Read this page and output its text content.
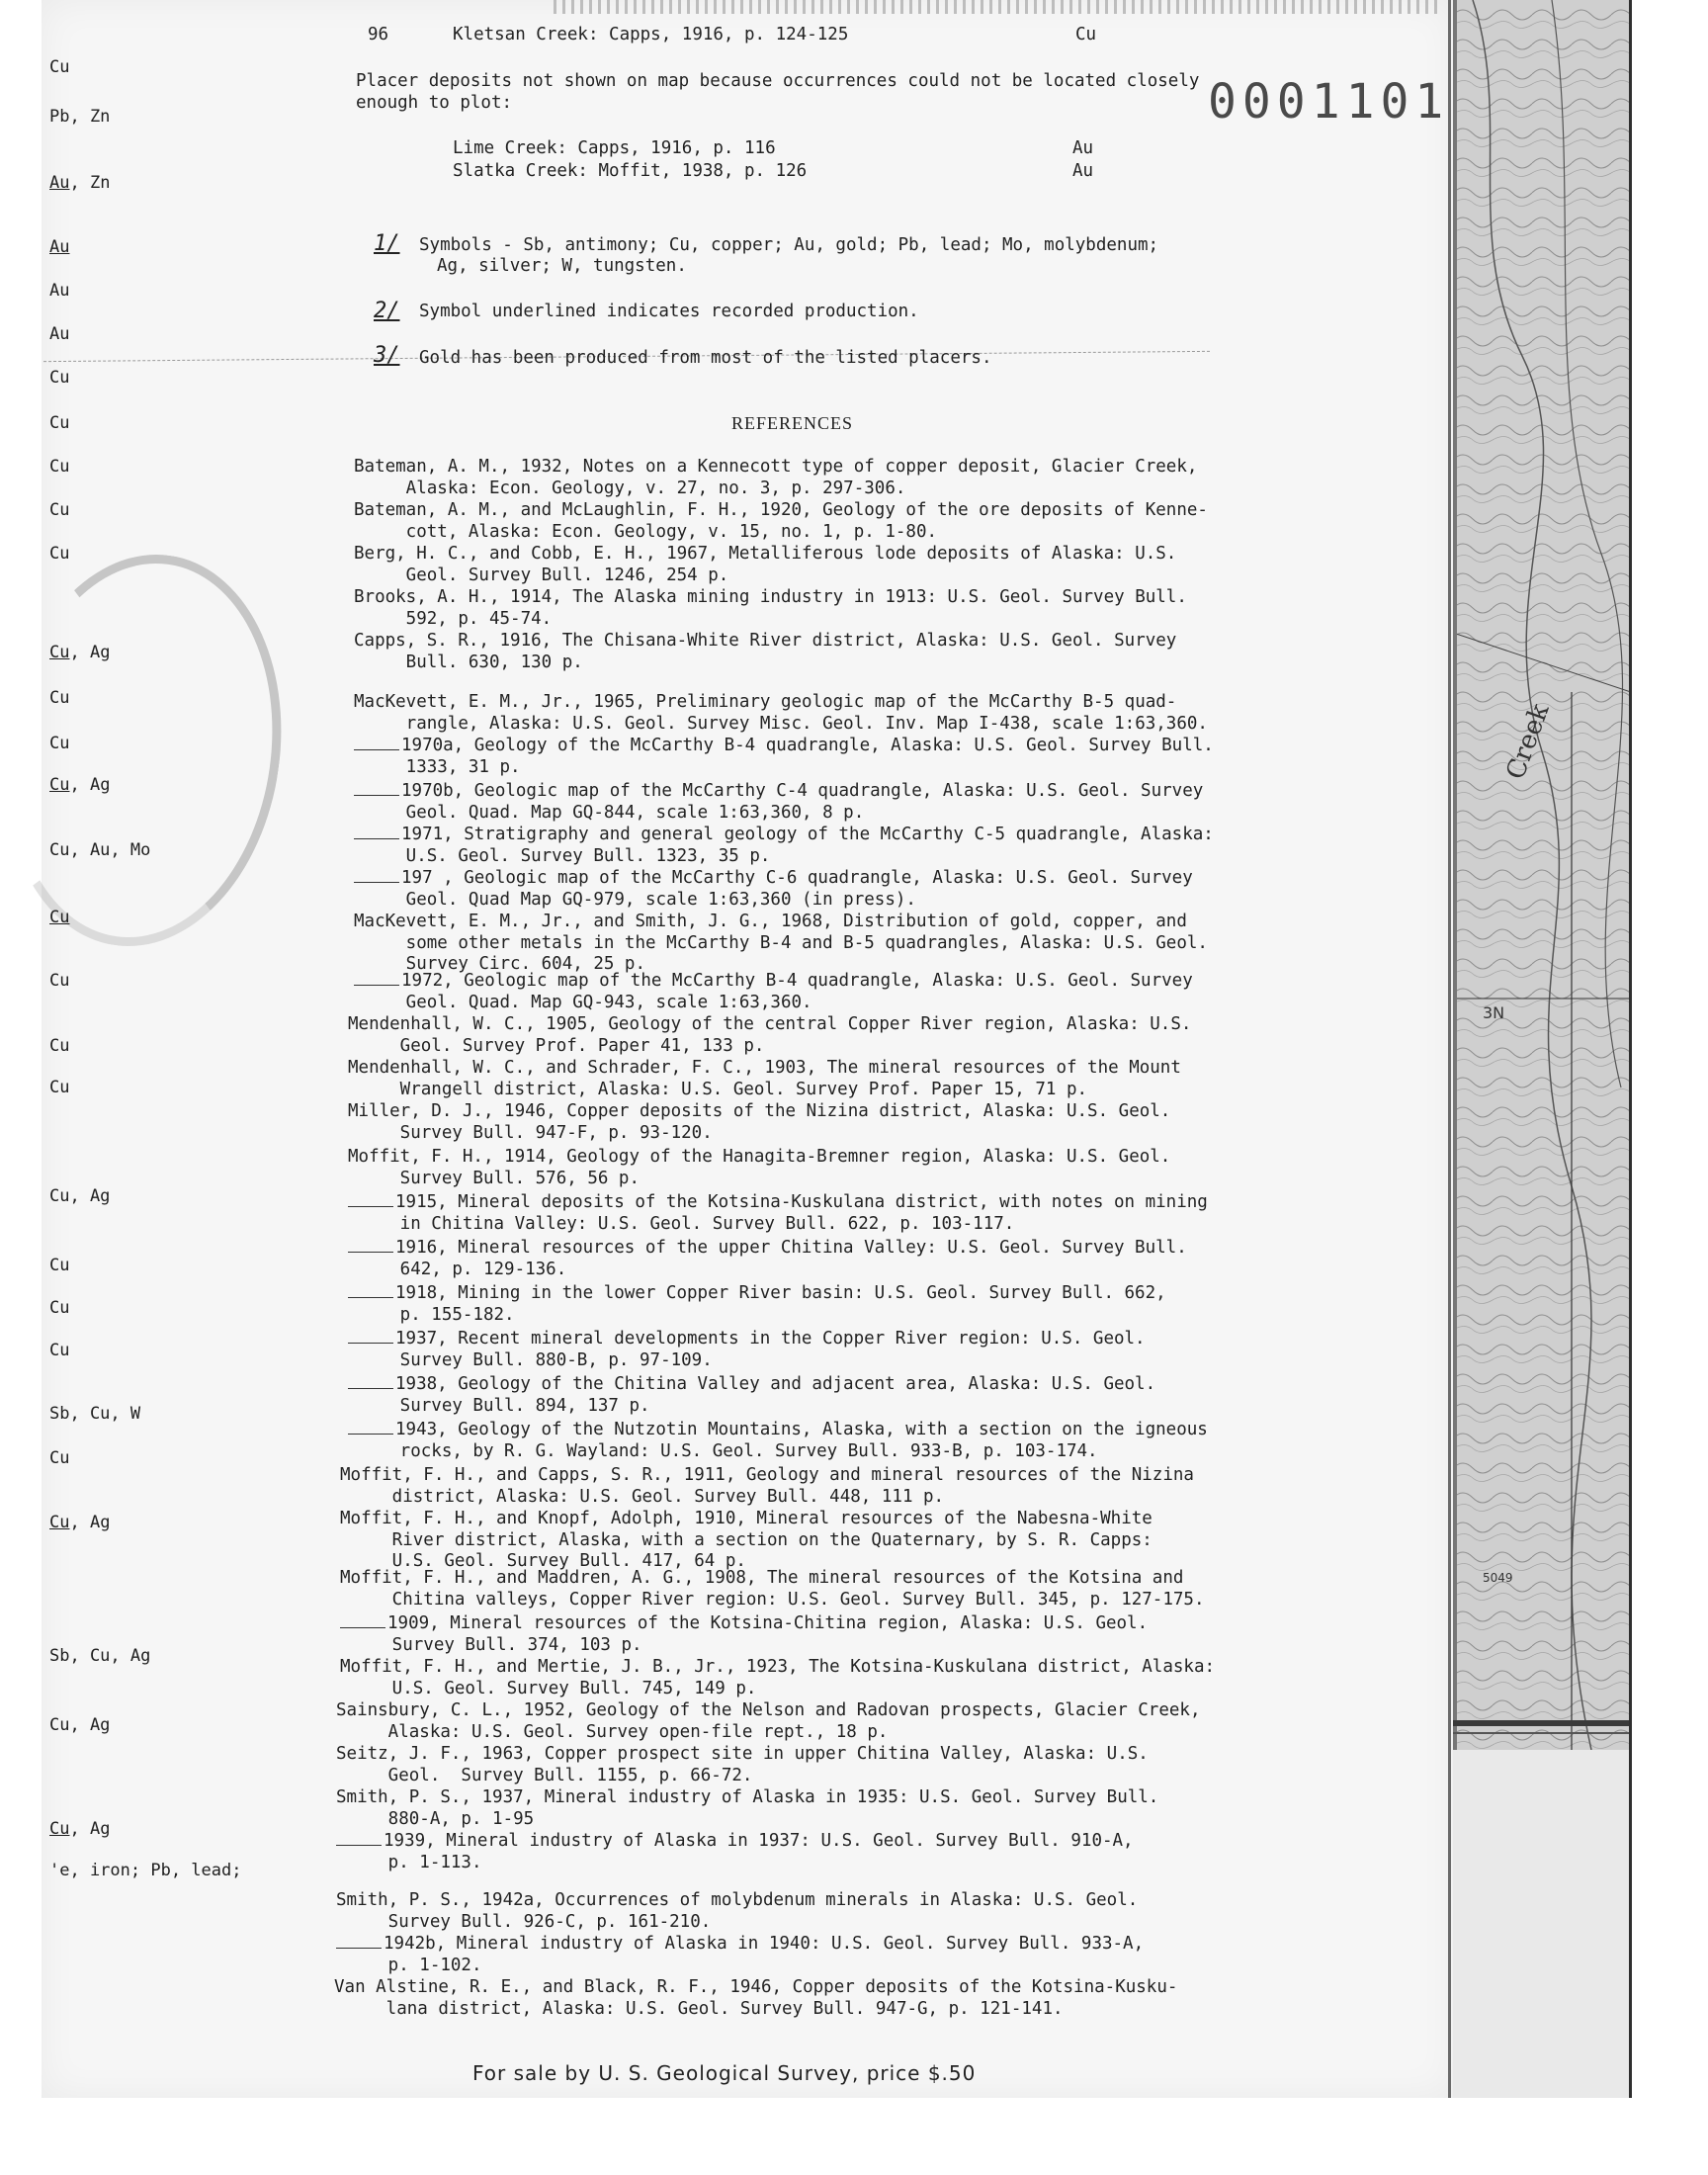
Creek
3N
5049
0001101
96	Kletsan Creek: Capps, 1916, p. 124-125	Cu
Cu
Pb, Zn
Au, Zn
Au
Au
Au
Cu
Cu
Cu
Cu
Cu
Cu, Ag
Cu
Cu
Cu, Ag
Cu, Au, Mo
Cu
Cu
Cu
Cu
Cu, Ag
Cu
Cu
Cu
Sb, Cu, W
Cu
Cu, Ag
Sb, Cu, Ag
Cu, Ag
Cu, Ag
'e, iron; Pb, lead;
Placer deposits not shown on map because occurrences could not be located closely
enough to plot:
Lime Creek: Capps, 1916, p. 116	Au
Slatka Creek: Moffit, 1938, p. 126	Au
1/ Symbols - Sb, antimony; Cu, copper; Au, gold; Pb, lead; Mo, molybdenum;
Ag, silver; W, tungsten.
2/ Symbol underlined indicates recorded production.
3/ Gold has been produced from most of the listed placers.
REFERENCES
Bateman, A. M., 1932, Notes on a Kennecott type of copper deposit, Glacier Creek,
Alaska: Econ. Geology, v. 27, no. 3, p. 297-306.
Bateman, A. M., and McLaughlin, F. H., 1920, Geology of the ore deposits of Kenne-
cott, Alaska: Econ. Geology, v. 15, no. 1, p. 1-80.
Berg, H. C., and Cobb, E. H., 1967, Metalliferous lode deposits of Alaska: U.S.
Geol. Survey Bull. 1246, 254 p.
Brooks, A. H., 1914, The Alaska mining industry in 1913: U.S. Geol. Survey Bull.
592, p. 45-74.
Capps, S. R., 1916, The Chisana-White River district, Alaska: U.S. Geol. Survey
Bull. 630, 130 p.
MacKevett, E. M., Jr., 1965, Preliminary geologic map of the McCarthy B-5 quad-
rangle, Alaska: U.S. Geol. Survey Misc. Geol. Inv. Map I-438, scale 1:63,360.
1970a, Geology of the McCarthy B-4 quadrangle, Alaska: U.S. Geol. Survey Bull.
1333, 31 p.
1970b, Geologic map of the McCarthy C-4 quadrangle, Alaska: U.S. Geol. Survey
Geol. Quad. Map GQ-844, scale 1:63,360, 8 p.
1971, Stratigraphy and general geology of the McCarthy C-5 quadrangle, Alaska:
U.S. Geol. Survey Bull. 1323, 35 p.
197 , Geologic map of the McCarthy C-6 quadrangle, Alaska: U.S. Geol. Survey
Geol. Quad Map GQ-979, scale 1:63,360 (in press).
MacKevett, E. M., Jr., and Smith, J. G., 1968, Distribution of gold, copper, and
some other metals in the McCarthy B-4 and B-5 quadrangles, Alaska: U.S. Geol.
Survey Circ. 604, 25 p.
1972, Geologic map of the McCarthy B-4 quadrangle, Alaska: U.S. Geol. Survey
Geol. Quad. Map GQ-943, scale 1:63,360.
Mendenhall, W. C., 1905, Geology of the central Copper River region, Alaska: U.S.
Geol. Survey Prof. Paper 41, 133 p.
Mendenhall, W. C., and Schrader, F. C., 1903, The mineral resources of the Mount
Wrangell district, Alaska: U.S. Geol. Survey Prof. Paper 15, 71 p.
Miller, D. J., 1946, Copper deposits of the Nizina district, Alaska: U.S. Geol.
Survey Bull. 947-F, p. 93-120.
Moffit, F. H., 1914, Geology of the Hanagita-Bremner region, Alaska: U.S. Geol.
Survey Bull. 576, 56 p.
1915, Mineral deposits of the Kotsina-Kuskulana district, with notes on mining
in Chitina Valley: U.S. Geol. Survey Bull. 622, p. 103-117.
1916, Mineral resources of the upper Chitina Valley: U.S. Geol. Survey Bull.
642, p. 129-136.
1918, Mining in the lower Copper River basin: U.S. Geol. Survey Bull. 662,
p. 155-182.
1937, Recent mineral developments in the Copper River region: U.S. Geol.
Survey Bull. 880-B, p. 97-109.
1938, Geology of the Chitina Valley and adjacent area, Alaska: U.S. Geol.
Survey Bull. 894, 137 p.
1943, Geology of the Nutzotin Mountains, Alaska, with a section on the igneous
rocks, by R. G. Wayland: U.S. Geol. Survey Bull. 933-B, p. 103-174.
Moffit, F. H., and Capps, S. R., 1911, Geology and mineral resources of the Nizina
district, Alaska: U.S. Geol. Survey Bull. 448, 111 p.
Moffit, F. H., and Knopf, Adolph, 1910, Mineral resources of the Nabesna-White
River district, Alaska, with a section on the Quaternary, by S. R. Capps:
U.S. Geol. Survey Bull. 417, 64 p.
Moffit, F. H., and Maddren, A. G., 1908, The mineral resources of the Kotsina and
Chitina valleys, Copper River region: U.S. Geol. Survey Bull. 345, p. 127-175.
1909, Mineral resources of the Kotsina-Chitina region, Alaska: U.S. Geol.
Survey Bull. 374, 103 p.
Moffit, F. H., and Mertie, J. B., Jr., 1923, The Kotsina-Kuskulana district, Alaska:
U.S. Geol. Survey Bull. 745, 149 p.
Sainsbury, C. L., 1952, Geology of the Nelson and Radovan prospects, Glacier Creek,
Alaska: U.S. Geol. Survey open-file rept., 18 p.
Seitz, J. F., 1963, Copper prospect site in upper Chitina Valley, Alaska: U.S.
Geol.  Survey Bull. 1155, p. 66-72.
Smith, P. S., 1937, Mineral industry of Alaska in 1935: U.S. Geol. Survey Bull.
880-A, p. 1-95
1939, Mineral industry of Alaska in 1937: U.S. Geol. Survey Bull. 910-A,
p. 1-113.
Smith, P. S., 1942a, Occurrences of molybdenum minerals in Alaska: U.S. Geol.
Survey Bull. 926-C, p. 161-210.
1942b, Mineral industry of Alaska in 1940: U.S. Geol. Survey Bull. 933-A,
p. 1-102.
Van Alstine, R. E., and Black, R. F., 1946, Copper deposits of the Kotsina-Kusku-
lana district, Alaska: U.S. Geol. Survey Bull. 947-G, p. 121-141.
For sale by U. S. Geological Survey, price $.50
